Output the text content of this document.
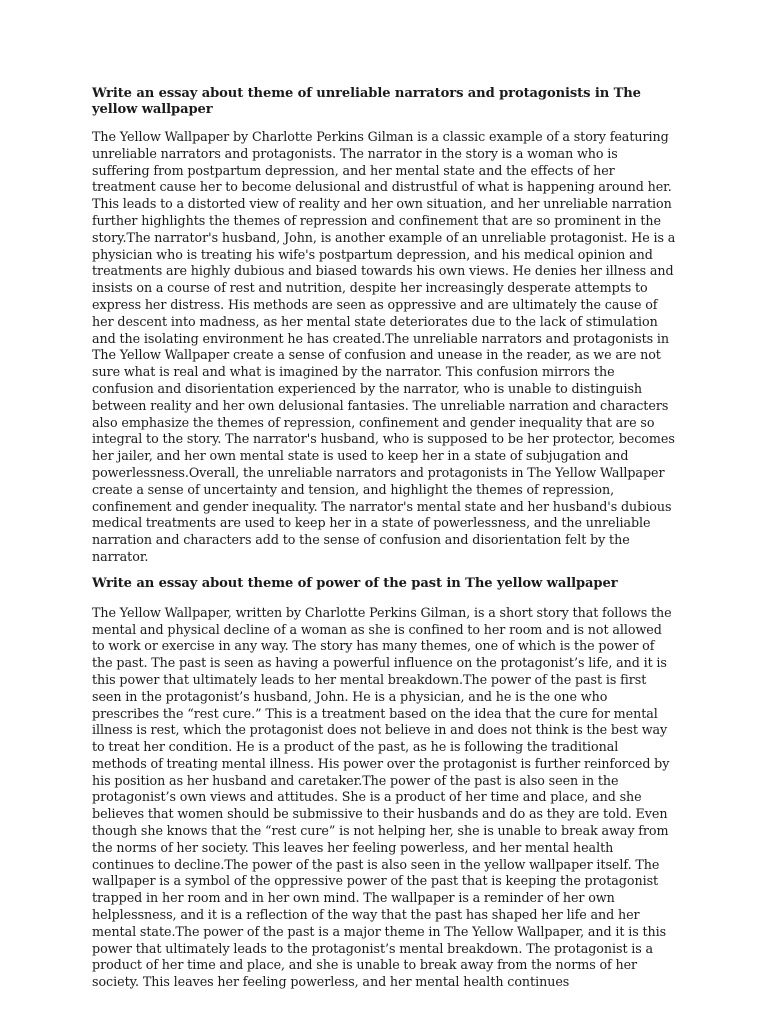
Write an essay about theme of unreliable narrators and protagonists in The yellow wallpaper
The Yellow Wallpaper by Charlotte Perkins Gilman is a classic example of a story featuring unreliable narrators and protagonists. The narrator in the story is a woman who is suffering from postpartum depression, and her mental state and the effects of her treatment cause her to become delusional and distrustful of what is happening around her. This leads to a distorted view of reality and her own situation, and her unreliable narration further highlights the themes of repression and confinement that are so prominent in the story.The narrator's husband, John, is another example of an unreliable protagonist. He is a physician who is treating his wife's postpartum depression, and his medical opinion and treatments are highly dubious and biased towards his own views. He denies her illness and insists on a course of rest and nutrition, despite her increasingly desperate attempts to express her distress. His methods are seen as oppressive and are ultimately the cause of her descent into madness, as her mental state deteriorates due to the lack of stimulation and the isolating environment he has created.The unreliable narrators and protagonists in The Yellow Wallpaper create a sense of confusion and unease in the reader, as we are not sure what is real and what is imagined by the narrator. This confusion mirrors the confusion and disorientation experienced by the narrator, who is unable to distinguish between reality and her own delusional fantasies. The unreliable narration and characters also emphasize the themes of repression, confinement and gender inequality that are so integral to the story. The narrator's husband, who is supposed to be her protector, becomes her jailer, and her own mental state is used to keep her in a state of subjugation and powerlessness.Overall, the unreliable narrators and protagonists in The Yellow Wallpaper create a sense of uncertainty and tension, and highlight the themes of repression, confinement and gender inequality. The narrator's mental state and her husband's dubious medical treatments are used to keep her in a state of powerlessness, and the unreliable narration and characters add to the sense of confusion and disorientation felt by the narrator.
Write an essay about theme of power of the past in The yellow wallpaper
The Yellow Wallpaper, written by Charlotte Perkins Gilman, is a short story that follows the mental and physical decline of a woman as she is confined to her room and is not allowed to work or exercise in any way. The story has many themes, one of which is the power of the past. The past is seen as having a powerful influence on the protagonist’s life, and it is this power that ultimately leads to her mental breakdown.The power of the past is first seen in the protagonist’s husband, John. He is a physician, and he is the one who prescribes the “rest cure.” This is a treatment based on the idea that the cure for mental illness is rest, which the protagonist does not believe in and does not think is the best way to treat her condition. He is a product of the past, as he is following the traditional methods of treating mental illness. His power over the protagonist is further reinforced by his position as her husband and caretaker.The power of the past is also seen in the protagonist’s own views and attitudes. She is a product of her time and place, and she believes that women should be submissive to their husbands and do as they are told. Even though she knows that the “rest cure” is not helping her, she is unable to break away from the norms of her society. This leaves her feeling powerless, and her mental health continues to decline.The power of the past is also seen in the yellow wallpaper itself. The wallpaper is a symbol of the oppressive power of the past that is keeping the protagonist trapped in her room and in her own mind. The wallpaper is a reminder of her own helplessness, and it is a reflection of the way that the past has shaped her life and her mental state.The power of the past is a major theme in The Yellow Wallpaper, and it is this power that ultimately leads to the protagonist’s mental breakdown. The protagonist is a product of her time and place, and she is unable to break away from the norms of her society. This leaves her feeling powerless, and her mental health continues
